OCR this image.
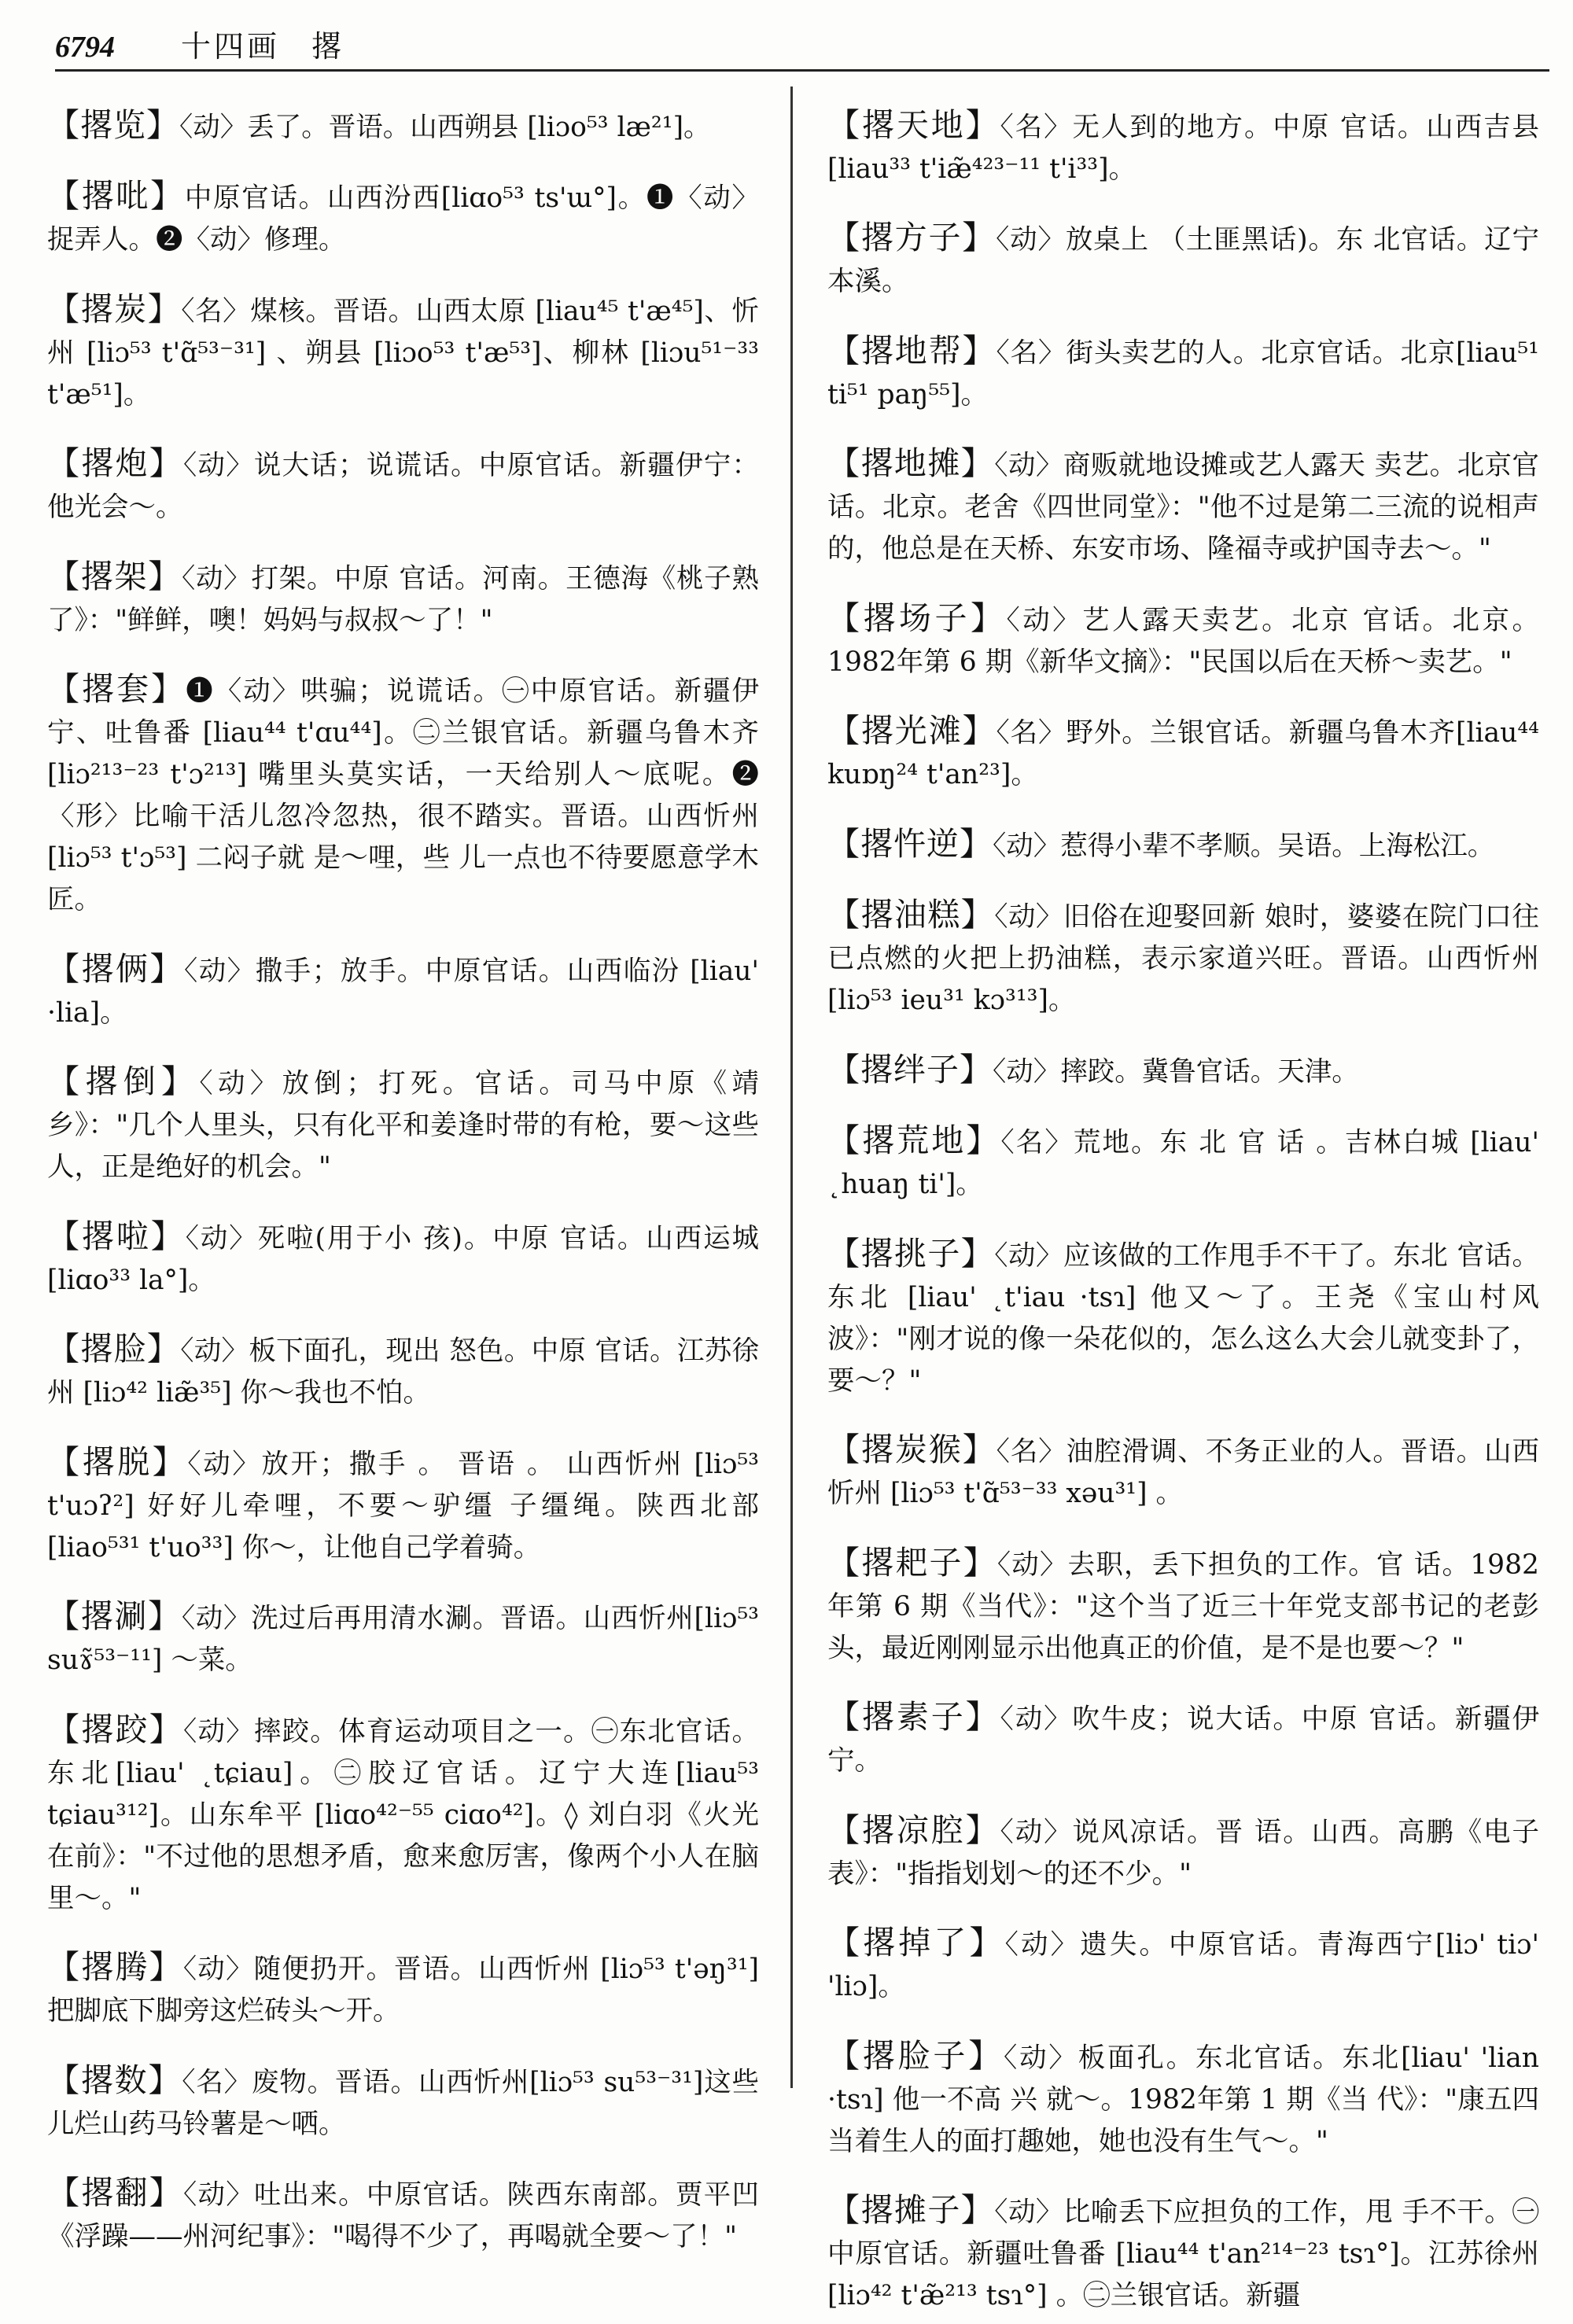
6794	十四画 撂

【撂览】〈动〉丢了。晋语。山西朔县 [liɔo⁵³ læ²¹]。

【撂吡】中原官话。山西汾西[liɑo⁵³ ts'ɯ°]。❶〈动〉捉弄人。❷〈动〉修理。

【撂炭】〈名〉煤核。晋语。山西太原 [liau⁴⁵ t'æ⁴⁵]、忻州 [liɔ⁵³ t'ɑ̃⁵³⁻³¹] 、朔县 [liɔo⁵³ t'æ⁵³]、柳林 [liɔu⁵¹⁻³³ t'æ⁵¹]。

【撂炮】〈动〉说大话；说谎话。中原官话。新疆伊宁：他光会～。

【撂架】〈动〉打架。中原 官话。河南。王德海《桃子熟了》："鲜鲜，噢！妈妈与叔叔～了！"

【撂套】❶〈动〉哄骗；说谎话。㊀中原官话。新疆伊宁、吐鲁番 [liau⁴⁴ t'ɑu⁴⁴]。㊁兰银官话。新疆乌鲁木齐 [liɔ²¹³⁻²³ t'ɔ²¹³] 嘴里头莫实话，一天给别人～底呢。❷〈形〉比喻干活儿忽冷忽热，很不踏实。晋语。山西忻州 [liɔ⁵³ t'ɔ⁵³] 二闷子就 是～哩，些 儿一点也不待要愿意学木匠。

【撂俩】〈动〉撒手；放手。中原官话。山西临汾 [liau' ·lia]。

【撂倒】〈动〉放倒；打死。官话。司马中原《靖乡》："几个人里头，只有化平和姜逢时带的有枪，要～这些人，正是绝好的机会。"

【撂啦】〈动〉死啦(用于小 孩)。中原 官话。山西运城 [liɑo³³ la°]。

【撂脸】〈动〉板下面孔，现出 怒色。中原 官话。江苏徐州 [liɔ⁴² liæ̃³⁵] 你～我也不怕。

【撂脱】〈动〉放开；撒手 。 晋语 。 山西忻州 [liɔ⁵³ t'uɔʔ²] 好好儿牵哩，不要～驴缰 子缰绳。陕西北部 [liao⁵³¹ t'uo³³] 你～，让他自己学着骑。

【撂涮】〈动〉洗过后再用清水涮。晋语。山西忻州[liɔ⁵³ suɤ̃⁵³⁻¹¹] ～菜。

【撂跤】〈动〉摔跤。体育运动项目之一。㊀东北官话。东北[liau' ˛tɕiau]。㊁胶辽官话。辽宁大连[liau⁵³ tɕiau³¹²]。山东牟平 [liɑo⁴²⁻⁵⁵ ciɑo⁴²]。◊ 刘白羽《火光在前》："不过他的思想矛盾，愈来愈厉害，像两个小人在脑里～。"

【撂腾】〈动〉随便扔开。晋语。山西忻州 [liɔ⁵³ t'əŋ³¹] 把脚底下脚旁这烂砖头～开。

【撂数】〈名〉废物。晋语。山西忻州[liɔ⁵³ su⁵³⁻³¹]这些儿烂山药马铃薯是～哂。

【撂翻】〈动〉吐出来。中原官话。陕西东南部。贾平凹《浮躁——州河纪事》："喝得不少了，再喝就全要～了！"

【撂天地】〈名〉无人到的地方。中原 官话。山西吉县 [liau³³ t'iæ̃⁴²³⁻¹¹ t'i³³]。

【撂方子】〈动〉放桌上 （土匪黑话)。东 北官话。辽宁本溪。

【撂地帮】〈名〉街头卖艺的人。北京官话。北京[liau⁵¹ ti⁵¹ paŋ⁵⁵]。

【撂地摊】〈动〉商贩就地设摊或艺人露天 卖艺。北京官话。北京。老舍《四世同堂》："他不过是第二三流的说相声的，他总是在天桥、东安市场、隆福寺或护国寺去～。"

【撂场子】〈动〉艺人露天卖艺。北京 官话。北京。1982年第 6 期《新华文摘》："民国以后在天桥～卖艺。"

【撂光滩】〈名〉野外。兰银官话。新疆乌鲁木齐[liau⁴⁴ kuɒŋ²⁴ t'an²³]。

【撂忤逆】〈动〉惹得小辈不孝顺。吴语。上海松江。

【撂油糕】〈动〉旧俗在迎娶回新 娘时，婆婆在院门口往已点燃的火把上扔油糕，表示家道兴旺。晋语。山西忻州 [liɔ⁵³ ieu³¹ kɔ³¹³]。

【撂绊子】〈动〉摔跤。冀鲁官话。天津。

【撂荒地】〈名〉荒地。东 北 官 话 。吉林白城 [liau' ˛huaŋ ti']。

【撂挑子】〈动〉应该做的工作甩手不干了。东北 官话。东北 [liau' ˛t'iau ·tsɿ] 他又～了。王尧《宝山村风波》："刚才说的像一朵花似的，怎么这么大会儿就变卦了，要～？"

【撂炭猴】〈名〉油腔滑调、不务正业的人。晋语。山西忻州 [liɔ⁵³ t'ɑ̃⁵³⁻³³ xəu³¹] 。

【撂耙子】〈动〉去职，丢下担负的工作。官 话。1982年第 6 期《当代》："这个当了近三十年党支部书记的老彭头，最近刚刚显示出他真正的价值，是不是也要～？"

【撂素子】〈动〉吹牛皮；说大话。中原 官话。新疆伊宁。

【撂凉腔】〈动〉说风凉话。晋 语。山西。高鹏《电子表》："指指划划～的还不少。"

【撂掉了】〈动〉遗失。中原官话。青海西宁[liɔ' tiɔ' 'liɔ]。

【撂脸子】〈动〉板面孔。东北官话。东北[liau' 'lian ·tsɿ] 他一不高 兴 就～。1982年第 1 期《当 代》："康五四当着生人的面打趣她，她也没有生气～。"

【撂摊子】〈动〉比喻丢下应担负的工作，甩 手不干。㊀中原官话。新疆吐鲁番 [liau⁴⁴ t'an²¹⁴⁻²³ tsɿ°]。江苏徐州 [liɔ⁴² t'æ̃²¹³ tsɿ°] 。㊁兰银官话。新疆
